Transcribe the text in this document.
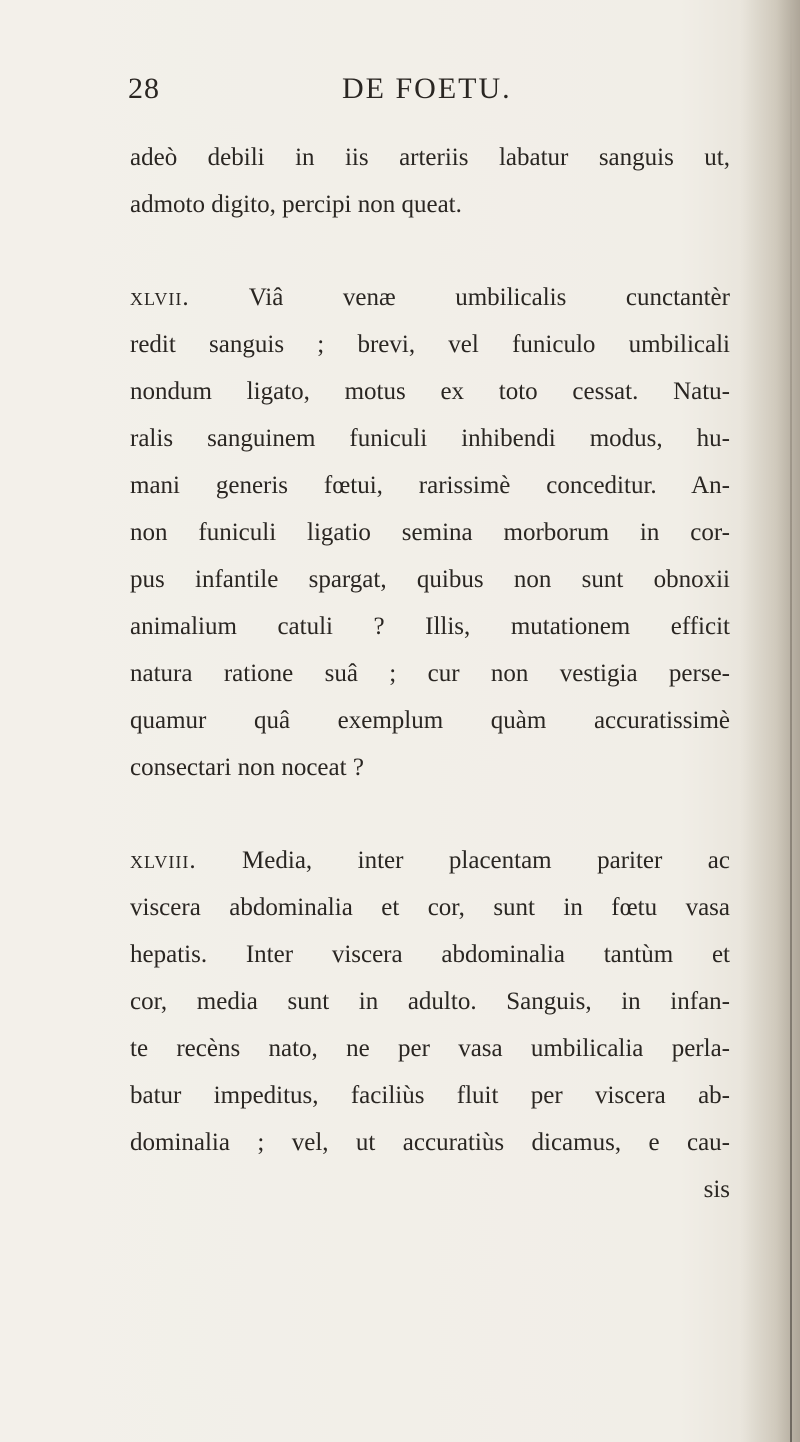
28	DE FOETU.
adeò debili in iis arteriis labatur sanguis ut,
admoto digito, percipi non queat.
xlvii. Viâ venæ umbilicalis cunctantèr
redit sanguis ; brevi, vel funiculo umbilicali
nondum ligato, motus ex toto cessat. Natu-
ralis sanguinem funiculi inhibendi modus, hu-
mani generis fœtui, rarissimè conceditur. An-
non funiculi ligatio semina morborum in cor-
pus infantile spargat, quibus non sunt obnoxii
animalium catuli ? Illis, mutationem efficit
natura ratione suâ ; cur non vestigia perse-
quamur quâ exemplum quàm accuratissimè
consectari non noceat ?
xlviii. Media, inter placentam pariter ac
viscera abdominalia et cor, sunt in fœtu vasa
hepatis. Inter viscera abdominalia tantùm et
cor, media sunt in adulto. Sanguis, in infan-
te recèns nato, ne per vasa umbilicalia perla-
batur impeditus, faciliùs fluit per viscera ab-
dominalia ; vel, ut accuratiùs dicamus, e cau-
sis
